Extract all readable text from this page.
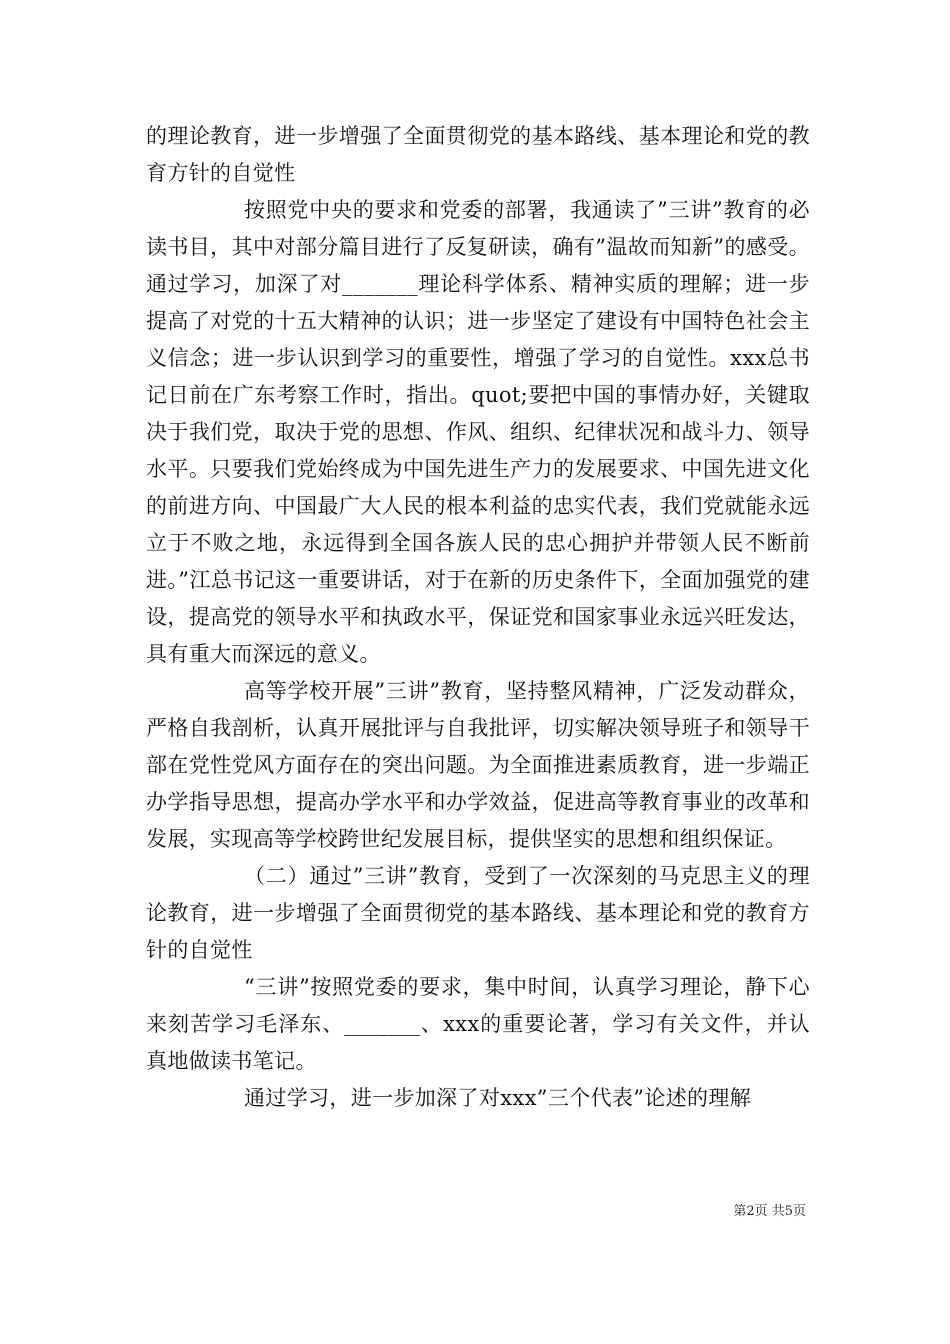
的理论教育，进一步增强了全面贯彻党的基本路线、基本理论和党的教育方针的自觉性

按照党中央的要求和党委的部署，我通读了”三讲”教育的必读书目，其中对部分篇目进行了反复研读，确有”温故而知新”的感受。通过学习，加深了对_______理论科学体系、精神实质的理解；进一步提高了对党的十五大精神的认识；进一步坚定了建设有中国特色社会主义信念；进一步认识到学习的重要性，增强了学习的自觉性。xxx总书记日前在广东考察工作时，指出。quot;要把中国的事情办好，关键取决于我们党，取决于党的思想、作风、组织、纪律状况和战斗力、领导水平。只要我们党始终成为中国先进生产力的发展要求、中国先进文化的前进方向、中国最广大人民的根本利益的忠实代表，我们党就能永远立于不败之地，永远得到全国各族人民的忠心拥护并带领人民不断前进。”江总书记这一重要讲话，对于在新的历史条件下，全面加强党的建设，提高党的领导水平和执政水平，保证党和国家事业永远兴旺发达，具有重大而深远的意义。

高等学校开展”三讲”教育，坚持整风精神，广泛发动群众，严格自我剖析，认真开展批评与自我批评，切实解决领导班子和领导干部在党性党风方面存在的突出问题。为全面推进素质教育，进一步端正办学指导思想，提高办学水平和办学效益，促进高等教育事业的改革和发展，实现高等学校跨世纪发展目标，提供坚实的思想和组织保证。

（二）通过”三讲”教育，受到了一次深刻的马克思主义的理论教育，进一步增强了全面贯彻党的基本路线、基本理论和党的教育方针的自觉性

“三讲”按照党委的要求，集中时间，认真学习理论，静下心来刻苦学习毛泽东、_______、xxx的重要论著，学习有关文件，并认真地做读书笔记。

通过学习，进一步加深了对xxx”三个代表”论述的理解

第2页 共5页
